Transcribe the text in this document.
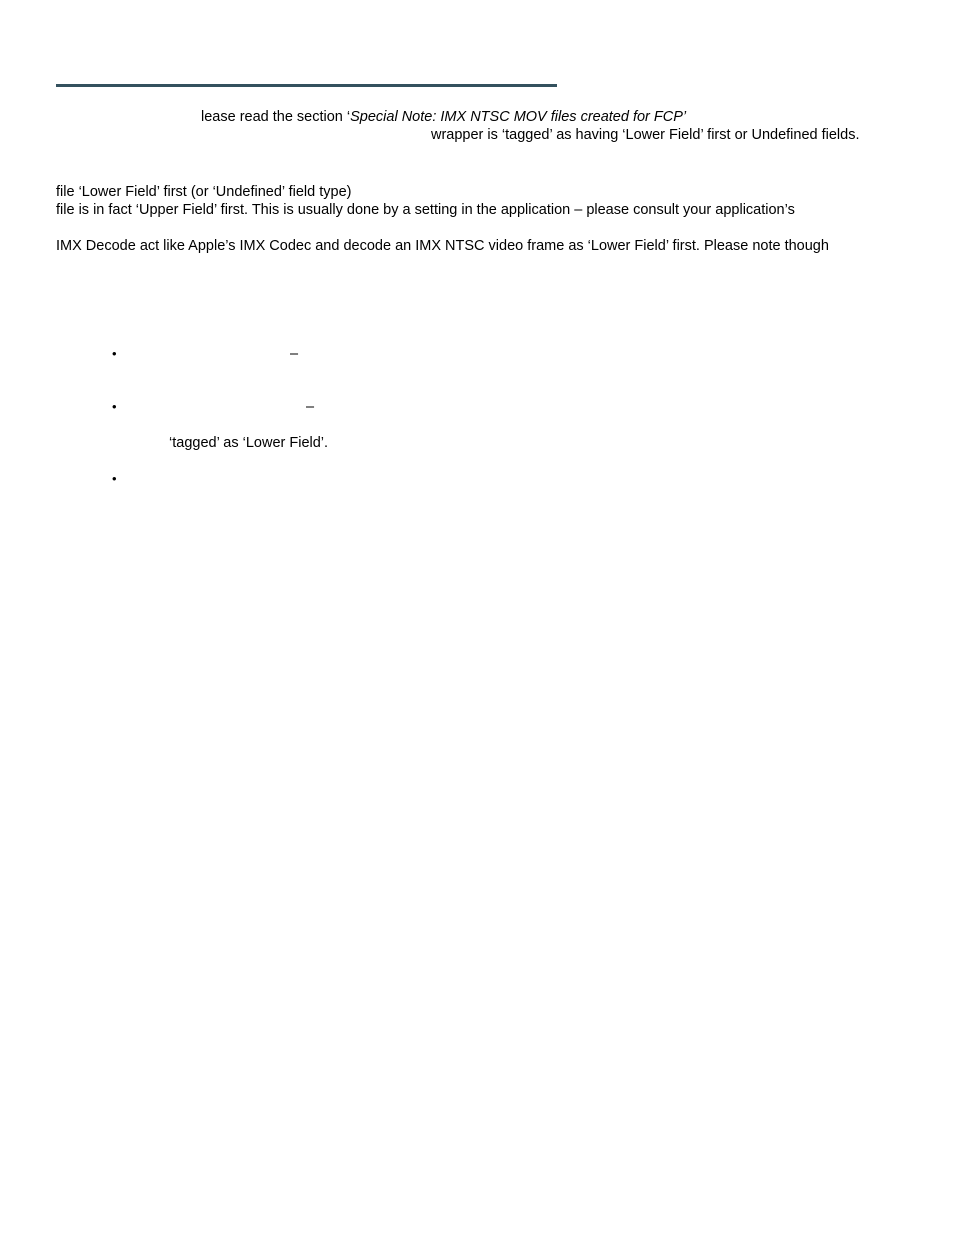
lease read the section ‘Special Note: IMX NTSC MOV files created for FCP’
wrapper is ‘tagged’ as having ‘Lower Field’ first or Undefined fields.
file ‘Lower Field’ first (or ‘Undefined’ field type)
file is in fact ‘Upper Field’ first. This is usually done by a setting in the application – please consult your application’s
IMX Decode act like Apple’s IMX Codec and decode an IMX NTSC video frame as ‘Lower Field’ first. Please note though
•	–
•	–
‘tagged’ as ‘Lower Field’.
•
